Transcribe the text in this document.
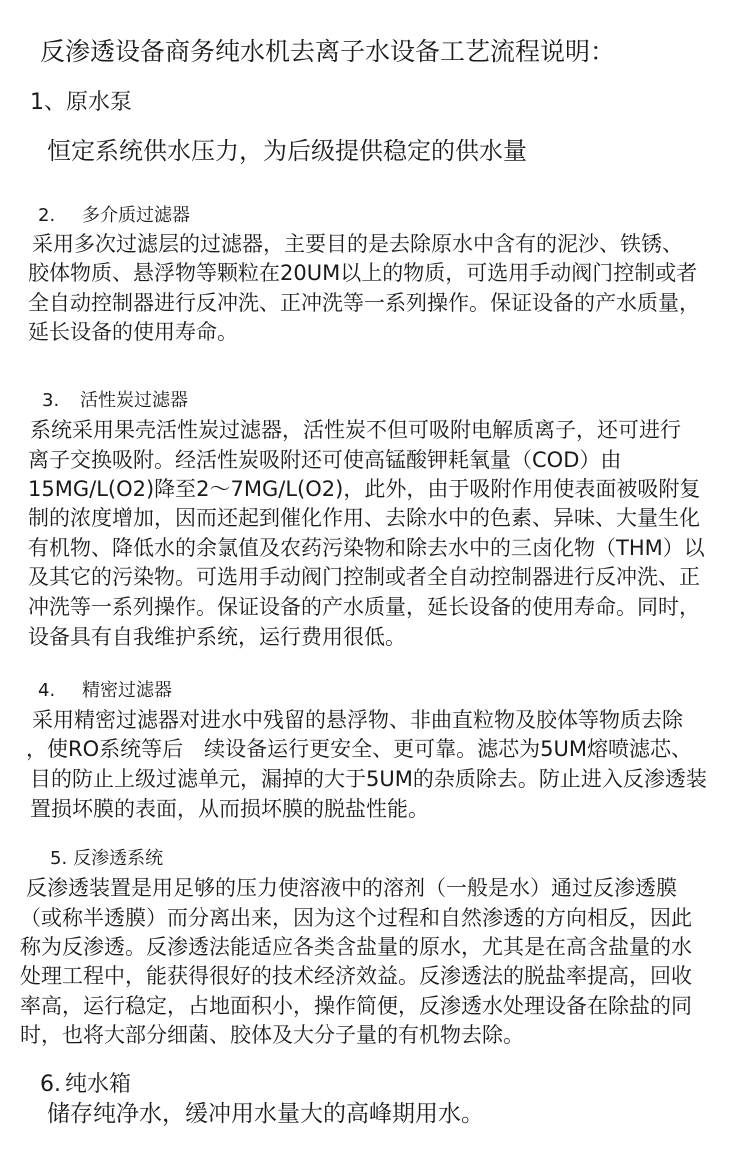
反渗透设备商务纯水机去离子水设备工艺流程说明：
1、原水泵
恒定系统供水压力，为后级提供稳定的供水量
2. 多介质过滤器
采用多次过滤层的过滤器，主要目的是去除原水中含有的泥沙、铁锈、
胶体物质、悬浮物等颗粒在20UM以上的物质，可选用手动阀门控制或者
全自动控制器进行反冲洗、正冲洗等一系列操作。保证设备的产水质量，
延长设备的使用寿命。
3. 活性炭过滤器
系统采用果壳活性炭过滤器，活性炭不但可吸附电解质离子，还可进行
离子交换吸附。经活性炭吸附还可使高锰酸钾耗氧量（COD）由
15MG/L(O2)降至2～7MG/L(O2)，此外，由于吸附作用使表面被吸附复
制的浓度增加，因而还起到催化作用、去除水中的色素、异味、大量生化
有机物、降低水的余氯值及农药污染物和除去水中的三卤化物（THM）以
及其它的污染物。可选用手动阀门控制或者全自动控制器进行反冲洗、正
冲洗等一系列操作。保证设备的产水质量，延长设备的使用寿命。同时，
设备具有自我维护系统，运行费用很低。
4. 精密过滤器
采用精密过滤器对进水中残留的悬浮物、非曲直粒物及胶体等物质去除
，使RO系统等后　续设备运行更安全、更可靠。滤芯为5UM熔喷滤芯、
目的防止上级过滤单元，漏掉的大于5UM的杂质除去。防止进入反渗透装
置损坏膜的表面，从而损坏膜的脱盐性能。
5. 反渗透系统
反渗透装置是用足够的压力使溶液中的溶剂（一般是水）通过反渗透膜
（或称半透膜）而分离出来，因为这个过程和自然渗透的方向相反，因此
称为反渗透。反渗透法能适应各类含盐量的原水，尤其是在高含盐量的水
处理工程中，能获得很好的技术经济效益。反渗透法的脱盐率提高，回收
率高，运行稳定，占地面积小，操作简便，反渗透水处理设备在除盐的同
时，也将大部分细菌、胶体及大分子量的有机物去除。
6. 纯水箱
储存纯净水，缓冲用水量大的高峰期用水。
